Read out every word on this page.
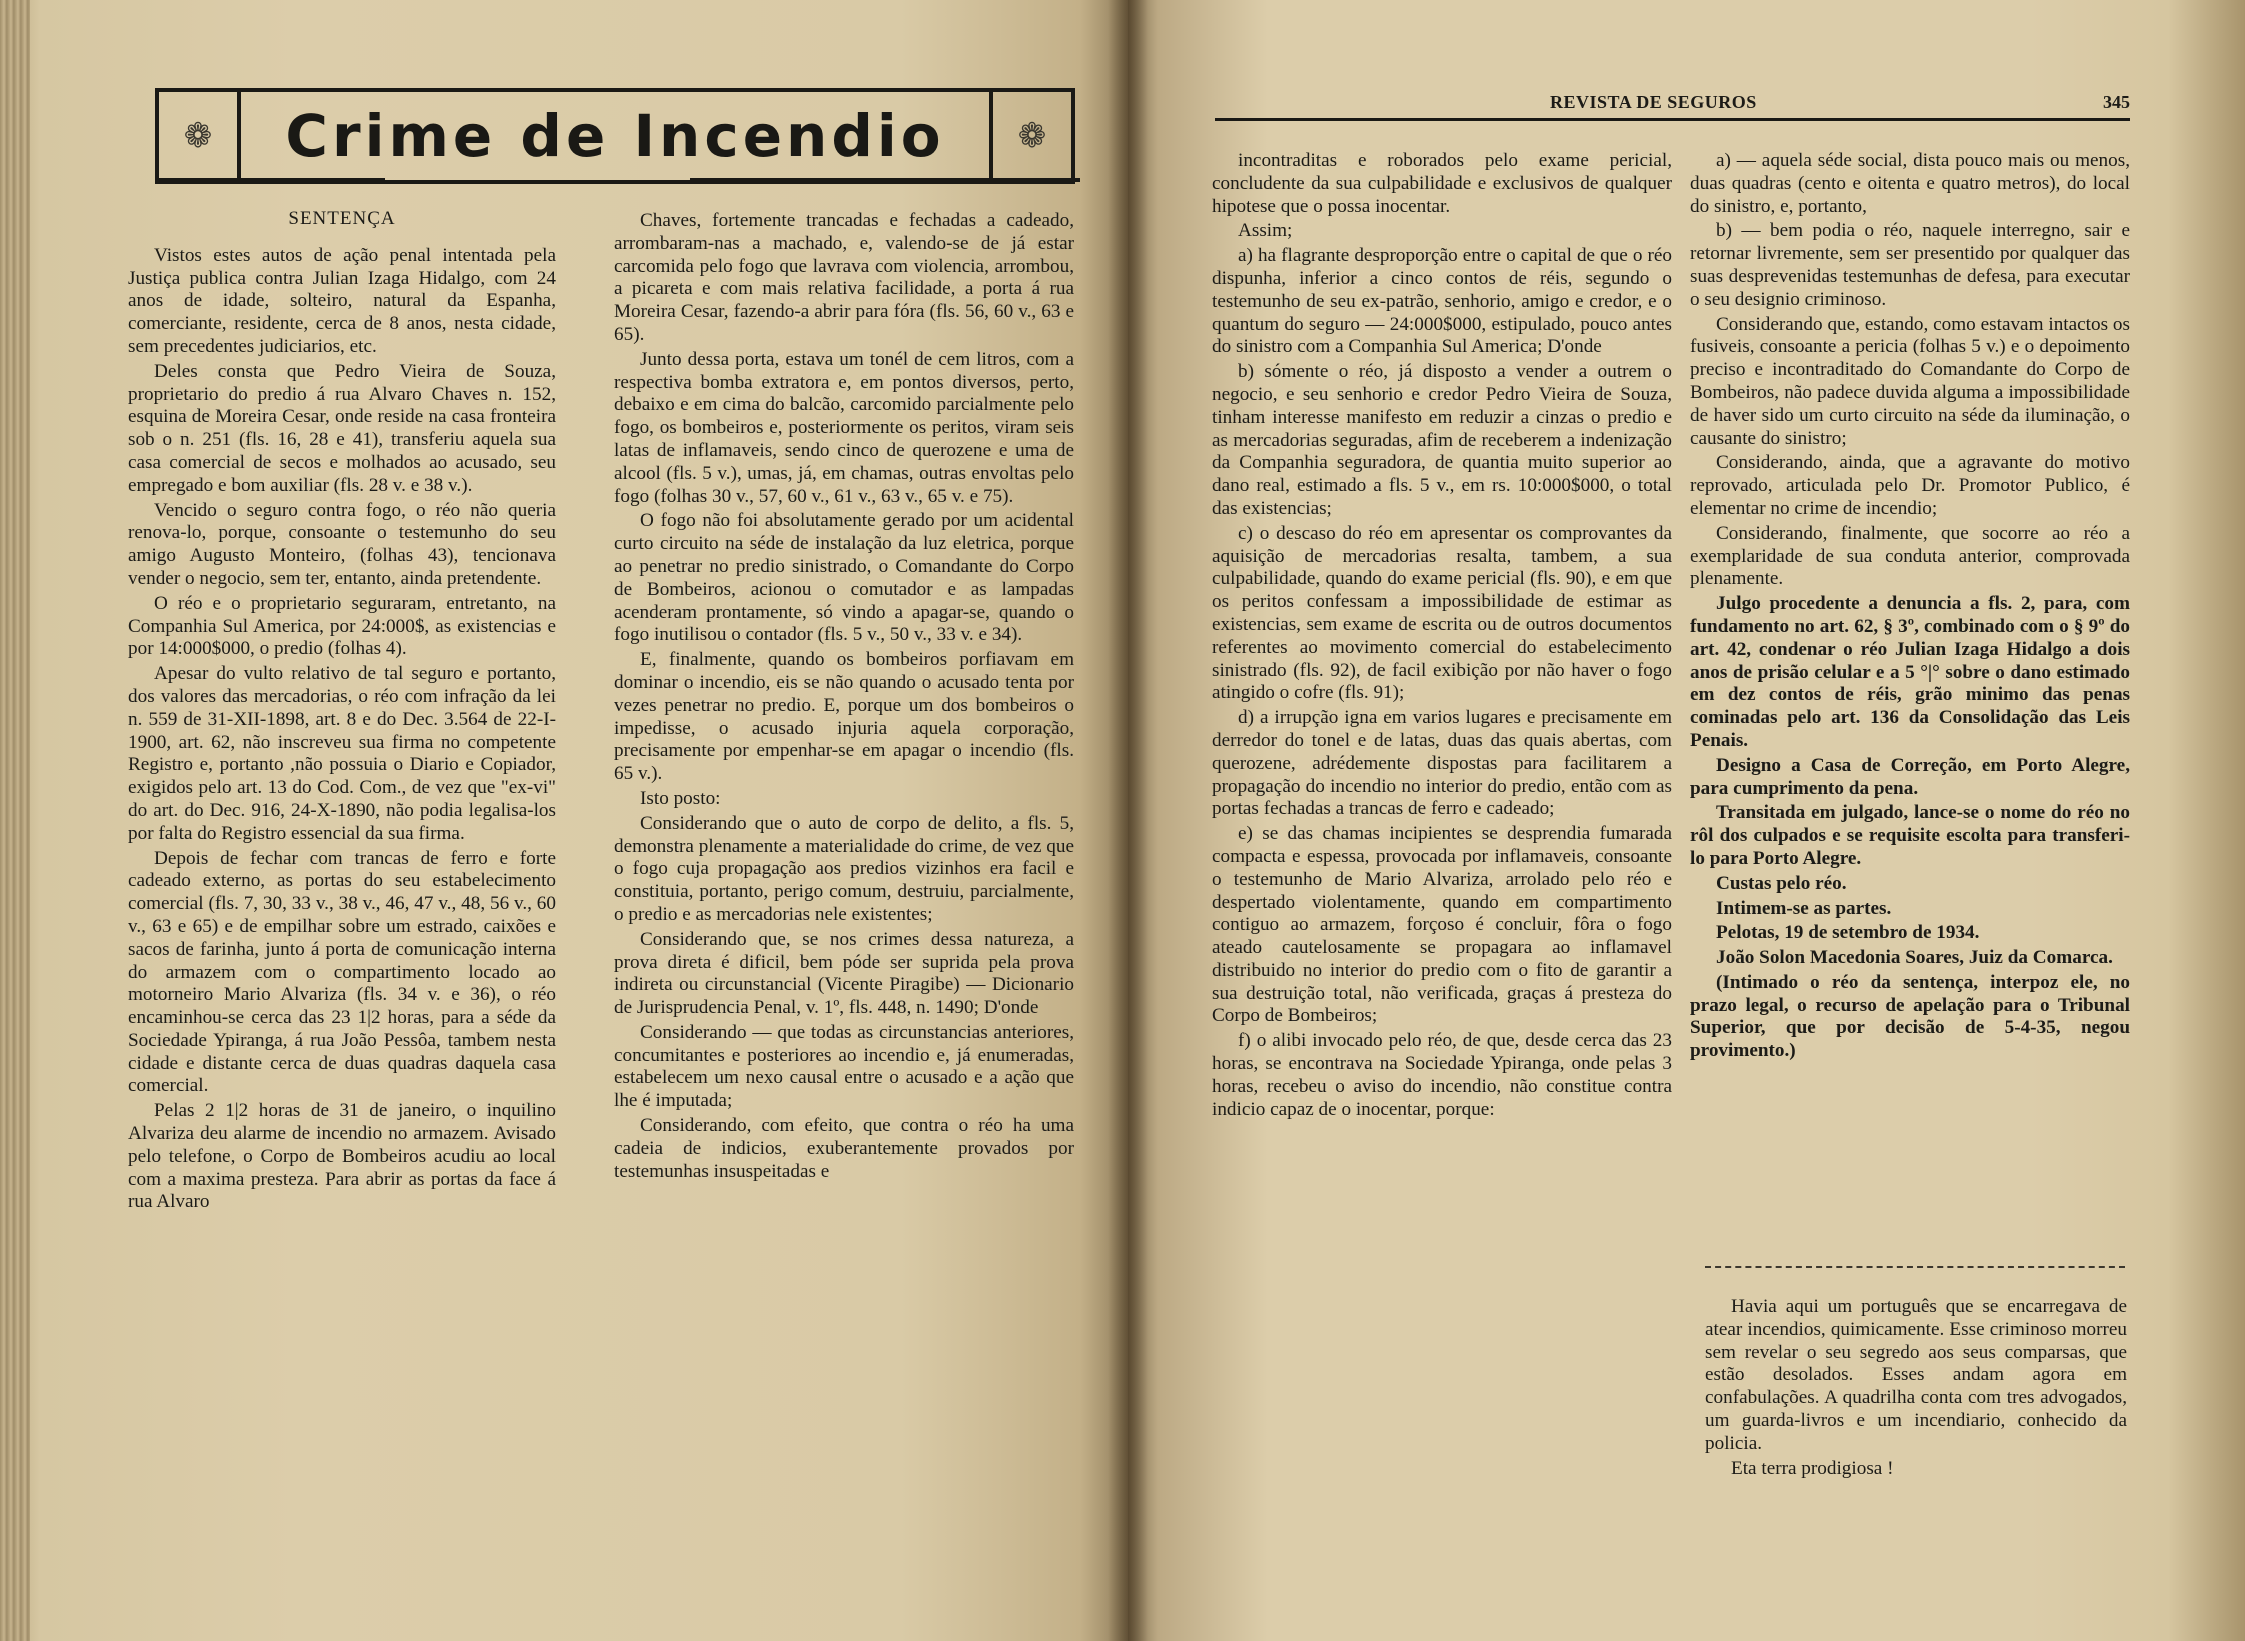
❁	Crime de Incendio	❁
SENTENÇA

Vistos estes autos de ação penal intentada pela Justiça publica contra Julian Izaga Hidalgo, com 24 anos de idade, solteiro, natural da Espanha, comerciante, residente, cerca de 8 anos, nesta cidade, sem precedentes judiciarios, etc.

Deles consta que Pedro Vieira de Souza, proprietario do predio á rua Alvaro Chaves n. 152, esquina de Moreira Cesar, onde reside na casa fronteira sob o n. 251 (fls. 16, 28 e 41), transferiu aquela sua casa comercial de secos e molhados ao acusado, seu empregado e bom auxiliar (fls. 28 v. e 38 v.).

Vencido o seguro contra fogo, o réo não queria renova-lo, porque, consoante o testemunho do seu amigo Augusto Monteiro, (folhas 43), tencionava vender o negocio, sem ter, entanto, ainda pretendente.

O réo e o proprietario seguraram, entretanto, na Companhia Sul America, por 24:000$, as existencias e por 14:000$000, o predio (folhas 4).

Apesar do vulto relativo de tal seguro e portanto, dos valores das mercadorias, o réo com infração da lei n. 559 de 31-XII-1898, art. 8 e do Dec. 3.564 de 22-I-1900, art. 62, não inscreveu sua firma no competente Registro e, portanto ,não possuia o Diario e Copiador, exigidos pelo art. 13 do Cod. Com., de vez que "ex-vi" do art. do Dec. 916, 24-X-1890, não podia legalisa-los por falta do Registro essencial da sua firma.

Depois de fechar com trancas de ferro e forte cadeado externo, as portas do seu estabelecimento comercial (fls. 7, 30, 33 v., 38 v., 46, 47 v., 48, 56 v., 60 v., 63 e 65) e de empilhar sobre um estrado, caixões e sacos de farinha, junto á porta de comunicação interna do armazem com o compartimento locado ao motorneiro Mario Alvariza (fls. 34 v. e 36), o réo encaminhou-se cerca das 23 1|2 horas, para a séde da Sociedade Ypiranga, á rua João Pessôa, tambem nesta cidade e distante cerca de duas quadras daquela casa comercial.

Pelas 2 1|2 horas de 31 de janeiro, o inquilino Alvariza deu alarme de incendio no armazem. Avisado pelo telefone, o Corpo de Bombeiros acudiu ao local com a maxima presteza. Para abrir as portas da face á rua Alvaro

Chaves, fortemente trancadas e fechadas a cadeado, arrombaram-nas a machado, e, valendo-se de já estar carcomida pelo fogo que lavrava com violencia, arrombou, a picareta e com mais relativa facilidade, a porta á rua Moreira Cesar, fazendo-a abrir para fóra (fls. 56, 60 v., 63 e 65).

Junto dessa porta, estava um tonél de cem litros, com a respectiva bomba extratora e, em pontos diversos, perto, debaixo e em cima do balcão, carcomido parcialmente pelo fogo, os bombeiros e, posteriormente os peritos, viram seis latas de inflamaveis, sendo cinco de querozene e uma de alcool (fls. 5 v.), umas, já, em chamas, outras envoltas pelo fogo (folhas 30 v., 57, 60 v., 61 v., 63 v., 65 v. e 75).

O fogo não foi absolutamente gerado por um acidental curto circuito na séde de instalação da luz eletrica, porque ao penetrar no predio sinistrado, o Comandante do Corpo de Bombeiros, acionou o comutador e as lampadas acenderam prontamente, só vindo a apagar-se, quando o fogo inutilisou o contador (fls. 5 v., 50 v., 33 v. e 34).

E, finalmente, quando os bombeiros porfiavam em dominar o incendio, eis se não quando o acusado tenta por vezes penetrar no predio. E, porque um dos bombeiros o impedisse, o acusado injuria aquela corporação, precisamente por empenhar-se em apagar o incendio (fls. 65 v.).

Isto posto:

Considerando que o auto de corpo de delito, a fls. 5, demonstra plenamente a materialidade do crime, de vez que o fogo cuja propagação aos predios vizinhos era facil e constituia, portanto, perigo comum, destruiu, parcialmente, o predio e as mercadorias nele existentes;

Considerando que, se nos crimes dessa natureza, a prova direta é dificil, bem póde ser suprida pela prova indireta ou circunstancial (Vicente Piragibe) — Dicionario de Jurisprudencia Penal, v. 1º, fls. 448, n. 1490; D'onde

Considerando — que todas as circunstancias anteriores, concumitantes e posteriores ao incendio e, já enumeradas, estabelecem um nexo causal entre o acusado e a ação que lhe é imputada;

Considerando, com efeito, que contra o réo ha uma cadeia de indicios, exuberantemente provados por testemunhas insuspeitadas e

REVISTA DE SEGUROS	345

incontraditas e roborados pelo exame pericial, concludente da sua culpabilidade e exclusivos de qualquer hipotese que o possa inocentar.

Assim;

a) ha flagrante desproporção entre o capital de que o réo dispunha, inferior a cinco contos de réis, segundo o testemunho de seu ex-patrão, senhorio, amigo e credor, e o quantum do seguro — 24:000$000, estipulado, pouco antes do sinistro com a Companhia Sul America; D'onde

b) sómente o réo, já disposto a vender a outrem o negocio, e seu senhorio e credor Pedro Vieira de Souza, tinham interesse manifesto em reduzir a cinzas o predio e as mercadorias seguradas, afim de receberem a indenização da Companhia seguradora, de quantia muito superior ao dano real, estimado a fls. 5 v., em rs. 10:000$000, o total das existencias;

c) o descaso do réo em apresentar os comprovantes da aquisição de mercadorias resalta, tambem, a sua culpabilidade, quando do exame pericial (fls. 90), e em que os peritos confessam a impossibilidade de estimar as existencias, sem exame de escrita ou de outros documentos referentes ao movimento comercial do estabelecimento sinistrado (fls. 92), de facil exibição por não haver o fogo atingido o cofre (fls. 91);

d) a irrupção igna em varios lugares e precisamente em derredor do tonel e de latas, duas das quais abertas, com querozene, adrédemente dispostas para facilitarem a propagação do incendio no interior do predio, então com as portas fechadas a trancas de ferro e cadeado;

e) se das chamas incipientes se desprendia fumarada compacta e espessa, provocada por inflamaveis, consoante o testemunho de Mario Alvariza, arrolado pelo réo e despertado violentamente, quando em compartimento contiguo ao armazem, forçoso é concluir, fôra o fogo ateado cautelosamente se propagara ao inflamavel distribuido no interior do predio com o fito de garantir a sua destruição total, não verificada, graças á presteza do Corpo de Bombeiros;

f) o alibi invocado pelo réo, de que, desde cerca das 23 horas, se encontrava na Sociedade Ypiranga, onde pelas 3 horas, recebeu o aviso do incendio, não constitue contra indicio capaz de o inocentar, porque:

a) — aquela séde social, dista pouco mais ou menos, duas quadras (cento e oitenta e quatro metros), do local do sinistro, e, portanto,

b) — bem podia o réo, naquele interregno, sair e retornar livremente, sem ser presentido por qualquer das suas desprevenidas testemunhas de defesa, para executar o seu designio criminoso.

Considerando que, estando, como estavam intactos os fusiveis, consoante a pericia (folhas 5 v.) e o depoimento preciso e incontraditado do Comandante do Corpo de Bombeiros, não padece duvida alguma a impossibilidade de haver sido um curto circuito na séde da iluminação, o causante do sinistro;

Considerando, ainda, que a agravante do motivo reprovado, articulada pelo Dr. Promotor Publico, é elementar no crime de incendio;

Considerando, finalmente, que socorre ao réo a exemplaridade de sua conduta anterior, comprovada plenamente.

Julgo procedente a denuncia a fls. 2, para, com fundamento no art. 62, § 3º, combinado com o § 9º do art. 42, condenar o réo Julian Izaga Hidalgo a dois anos de prisão celular e a 5 °|° sobre o dano estimado em dez contos de réis, grão minimo das penas cominadas pelo art. 136 da Consolidação das Leis Penais.

Designo a Casa de Correção, em Porto Alegre, para cumprimento da pena.

Transitada em julgado, lance-se o nome do réo no rôl dos culpados e se requisite escolta para transferi-lo para Porto Alegre.

Custas pelo réo.

Intimem-se as partes.

Pelotas, 19 de setembro de 1934.

João Solon Macedonia Soares, Juiz da Comarca.

(Intimado o réo da sentença, interpoz ele, no prazo legal, o recurso de apelação para o Tribunal Superior, que por decisão de 5-4-35, negou provimento.)

Havia aqui um português que se encarregava de atear incendios, quimicamente. Esse criminoso morreu sem revelar o seu segredo aos seus comparsas, que estão desolados. Esses andam agora em confabulações. A quadrilha conta com tres advogados, um guarda-livros e um incendiario, conhecido da policia.

Eta terra prodigiosa !
